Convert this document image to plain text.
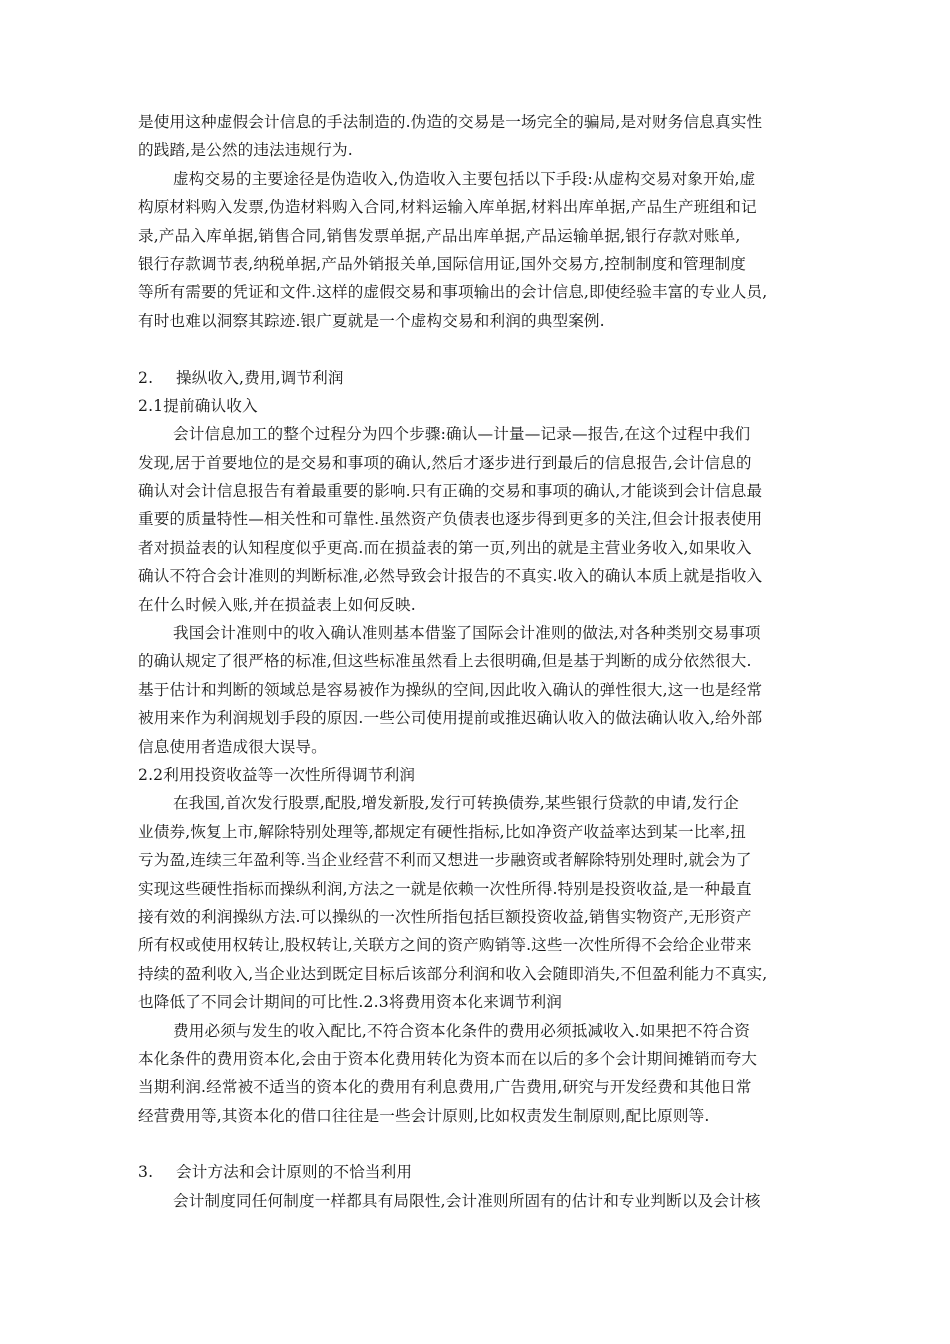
是使用这种虚假会计信息的手法制造的.伪造的交易是一场完全的骗局,是对财务信息真实性
的践踏,是公然的违法违规行为.
虚构交易的主要途径是伪造收入,伪造收入主要包括以下手段:从虚构交易对象开始,虚
构原材料购入发票,伪造材料购入合同,材料运输入库单据,材料出库单据,产品生产班组和记
录,产品入库单据,销售合同,销售发票单据,产品出库单据,产品运输单据,银行存款对账单,
银行存款调节表,纳税单据,产品外销报关单,国际信用证,国外交易方,控制制度和管理制度
等所有需要的凭证和文件.这样的虚假交易和事项输出的会计信息,即使经验丰富的专业人员,
有时也难以洞察其踪迹.银广夏就是一个虚构交易和利润的典型案例.
2. 操纵收入,费用,调节利润
2.1提前确认收入
会计信息加工的整个过程分为四个步骤:确认—计量—记录—报告,在这个过程中我们
发现,居于首要地位的是交易和事项的确认,然后才逐步进行到最后的信息报告,会计信息的
确认对会计信息报告有着最重要的影响.只有正确的交易和事项的确认,才能谈到会计信息最
重要的质量特性—相关性和可靠性.虽然资产负债表也逐步得到更多的关注,但会计报表使用
者对损益表的认知程度似乎更高.而在损益表的第一页,列出的就是主营业务收入,如果收入
确认不符合会计准则的判断标准,必然导致会计报告的不真实.收入的确认本质上就是指收入
在什么时候入账,并在损益表上如何反映.
我国会计准则中的收入确认准则基本借鉴了国际会计准则的做法,对各种类别交易事项
的确认规定了很严格的标准,但这些标准虽然看上去很明确,但是基于判断的成分依然很大.
基于估计和判断的领域总是容易被作为操纵的空间,因此收入确认的弹性很大,这一也是经常
被用来作为利润规划手段的原因.一些公司使用提前或推迟确认收入的做法确认收入,给外部
信息使用者造成很大误导。
2.2利用投资收益等一次性所得调节利润
在我国,首次发行股票,配股,增发新股,发行可转换债券,某些银行贷款的申请,发行企
业债券,恢复上市,解除特别处理等,都规定有硬性指标,比如净资产收益率达到某一比率,扭
亏为盈,连续三年盈利等.当企业经营不利而又想进一步融资或者解除特别处理时,就会为了
实现这些硬性指标而操纵利润,方法之一就是依赖一次性所得.特别是投资收益,是一种最直
接有效的利润操纵方法.可以操纵的一次性所指包括巨额投资收益,销售实物资产,无形资产
所有权或使用权转让,股权转让,关联方之间的资产购销等.这些一次性所得不会给企业带来
持续的盈利收入,当企业达到既定目标后该部分利润和收入会随即消失,不但盈利能力不真实,
也降低了不同会计期间的可比性.2.3将费用资本化来调节利润
费用必须与发生的收入配比,不符合资本化条件的费用必须抵减收入.如果把不符合资
本化条件的费用资本化,会由于资本化费用转化为资本而在以后的多个会计期间摊销而夸大
当期利润.经常被不适当的资本化的费用有利息费用,广告费用,研究与开发经费和其他日常
经营费用等,其资本化的借口往往是一些会计原则,比如权责发生制原则,配比原则等.
3. 会计方法和会计原则的不恰当利用
会计制度同任何制度一样都具有局限性,会计准则所固有的估计和专业判断以及会计核
